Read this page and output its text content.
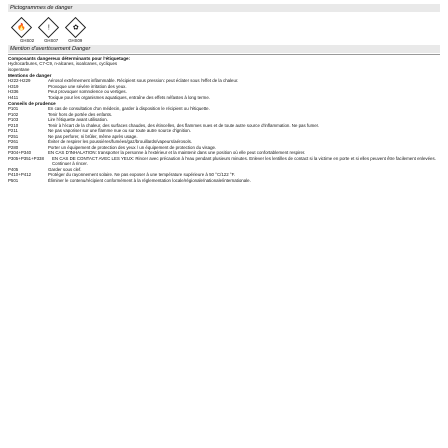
Pictogrammes de danger
🔥	!	✿
GHS02 GHS07 GHS09
Mention d'avertissement Danger
Composants dangereux déterminants pour l'étiquetage:
Hydrocarbures, C7-C9, n-alcanes, isoalcanes, cycliques
isopentane
Mentions de danger
H222-H229	Aérosol extrêmement inflammable. Récipient sous pression: peut éclater sous l'effet de la chaleur.
H319	Provoque une sévère irritation des yeux.
H336	Peut provoquer somnolence ou vertiges.
H411	Toxique pour les organismes aquatiques, entraîne des effets néfastes à long terme.
Conseils de prudence
P101	En cas de consultation d'un médecin, garder à disposition le récipient ou l'étiquette.
P102	Tenir hors de portée des enfants.
P103	Lire l'étiquette avant utilisation.
P210	Tenir à l'écart de la chaleur, des surfaces chaudes, des étincelles, des flammes nues et de toute autre source d'inflammation. Ne pas fumer.
P211	Ne pas vaporiser sur une flamme nue ou sur toute autre source d'ignition.
P251	Ne pas perforer, ni brûler, même après usage.
P261	Éviter de respirer les poussières/fumées/gaz/brouillards/vapeurs/aérosols.
P280	Porter un équipement de protection des yeux / un équipement de protection du visage.
P304+P340	EN CAS D'INHALATION: transporter la personne à l'extérieur et la maintenir dans une position où elle peut confortablement respirer.
P305+P351+P338	EN CAS DE CONTACT AVEC LES YEUX: Rincer avec précaution à l'eau pendant plusieurs minutes. Enlever les lentilles de contact si la victime en porte et si elles peuvent être facilement enlevées. Continuer à rincer.
P405	Garder sous clef.
P410+P412	Protéger du rayonnement solaire. Ne pas exposer à une température supérieure à 50 °C/122 °F.
P501	Éliminer le contenu/récipient conformément à la réglementation locale/régionale/nationale/internationale.
